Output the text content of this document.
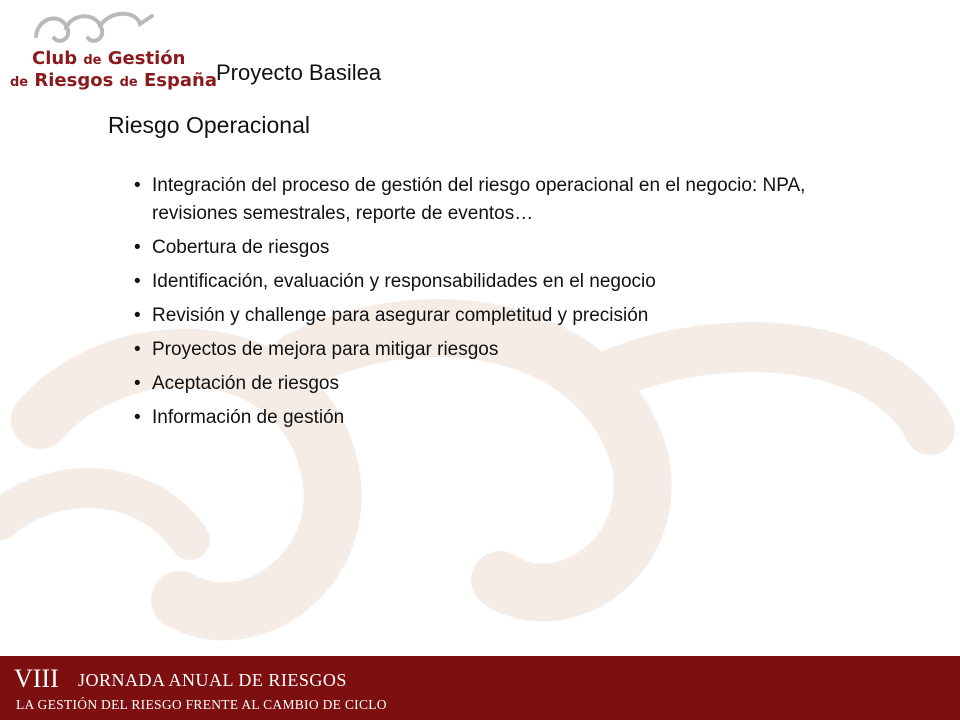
Club de Gestión
de Riesgos de España
Proyecto Basilea
Riesgo Operacional
• Integración del proceso de gestión del riesgo operacional en el negocio: NPA, revisiones semestrales, reporte de eventos…
• Cobertura de riesgos
• Identificación, evaluación y responsabilidades en el negocio
• Revisión y challenge para asegurar completitud y precisión
• Proyectos de mejora para mitigar riesgos
• Aceptación de riesgos
• Información de gestión
VIII JORNADA ANUAL DE RIESGOS
LA GESTIÓN DEL RIESGO FRENTE AL CAMBIO DE CICLO
